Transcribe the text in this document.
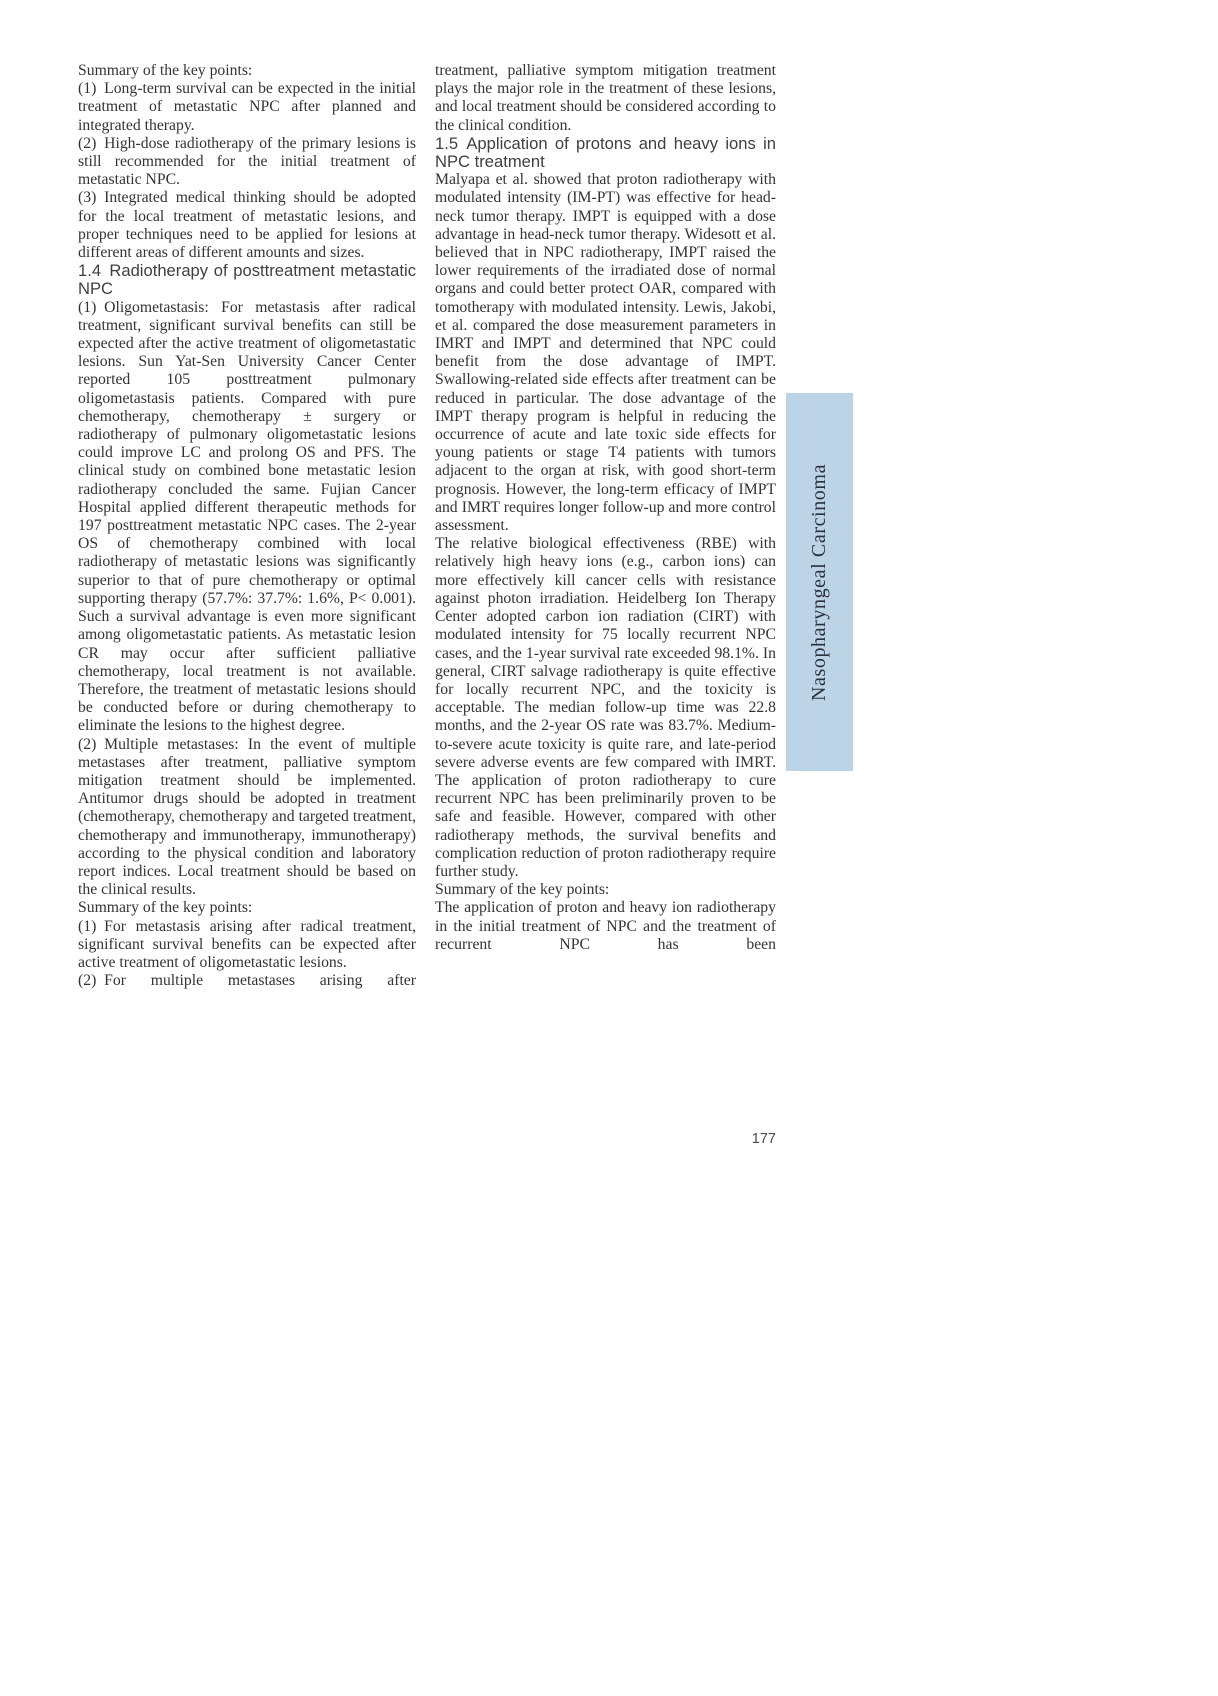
Summary of the key points:
(1) Long-term survival can be expected in the initial treatment of metastatic NPC after planned and integrated therapy.
(2) High-dose radiotherapy of the primary lesions is still recommended for the initial treatment of metastatic NPC.
(3) Integrated medical thinking should be adopted for the local treatment of metastatic lesions, and proper techniques need to be applied for lesions at different areas of different amounts and sizes.
1.4 Radiotherapy of posttreatment metastatic NPC
(1) Oligometastasis: For metastasis after radical treatment, significant survival benefits can still be expected after the active treatment of oligometastatic lesions. Sun Yat-Sen University Cancer Center reported 105 posttreatment pulmonary oligometastasis patients. Compared with pure chemotherapy, chemotherapy ± surgery or radiotherapy of pulmonary oligometastatic lesions could improve LC and prolong OS and PFS. The clinical study on combined bone metastatic lesion radiotherapy concluded the same. Fujian Cancer Hospital applied different therapeutic methods for 197 posttreatment metastatic NPC cases. The 2-year OS of chemotherapy combined with local radiotherapy of metastatic lesions was significantly superior to that of pure chemotherapy or optimal supporting therapy (57.7%: 37.7%: 1.6%, P< 0.001). Such a survival advantage is even more significant among oligometastatic patients. As metastatic lesion CR may occur after sufficient palliative chemotherapy, local treatment is not available. Therefore, the treatment of metastatic lesions should be conducted before or during chemotherapy to eliminate the lesions to the highest degree.
(2) Multiple metastases: In the event of multiple metastases after treatment, palliative symptom mitigation treatment should be implemented. Antitumor drugs should be adopted in treatment (chemotherapy, chemotherapy and targeted treatment, chemotherapy and immunotherapy, immunotherapy) according to the physical condition and laboratory report indices. Local treatment should be based on the clinical results.
Summary of the key points:
(1) For metastasis arising after radical treatment, significant survival benefits can be expected after active treatment of oligometastatic lesions.
(2) For multiple metastases arising after
treatment, palliative symptom mitigation treatment plays the major role in the treatment of these lesions, and local treatment should be considered according to the clinical condition.
1.5 Application of protons and heavy ions in NPC treatment
Malyapa et al. showed that proton radiotherapy with modulated intensity (IM-PT) was effective for head-neck tumor therapy. IMPT is equipped with a dose advantage in head-neck tumor therapy. Widesott et al. believed that in NPC radiotherapy, IMPT raised the lower requirements of the irradiated dose of normal organs and could better protect OAR, compared with tomotherapy with modulated intensity. Lewis, Jakobi, et al. compared the dose measurement parameters in IMRT and IMPT and determined that NPC could benefit from the dose advantage of IMPT. Swallowing-related side effects after treatment can be reduced in particular. The dose advantage of the IMPT therapy program is helpful in reducing the occurrence of acute and late toxic side effects for young patients or stage T4 patients with tumors adjacent to the organ at risk, with good short-term prognosis. However, the long-term efficacy of IMPT and IMRT requires longer follow-up and more control assessment.
The relative biological effectiveness (RBE) with relatively high heavy ions (e.g., carbon ions) can more effectively kill cancer cells with resistance against photon irradiation. Heidelberg Ion Therapy Center adopted carbon ion radiation (CIRT) with modulated intensity for 75 locally recurrent NPC cases, and the 1-year survival rate exceeded 98.1%. In general, CIRT salvage radiotherapy is quite effective for locally recurrent NPC, and the toxicity is acceptable. The median follow-up time was 22.8 months, and the 2-year OS rate was 83.7%. Medium-to-severe acute toxicity is quite rare, and late-period severe adverse events are few compared with IMRT. The application of proton radiotherapy to cure recurrent NPC has been preliminarily proven to be safe and feasible. However, compared with other radiotherapy methods, the survival benefits and complication reduction of proton radiotherapy require further study.
Summary of the key points:
The application of proton and heavy ion radiotherapy in the initial treatment of NPC and the treatment of recurrent NPC has been
Nasopharyngeal Carcinoma
177
